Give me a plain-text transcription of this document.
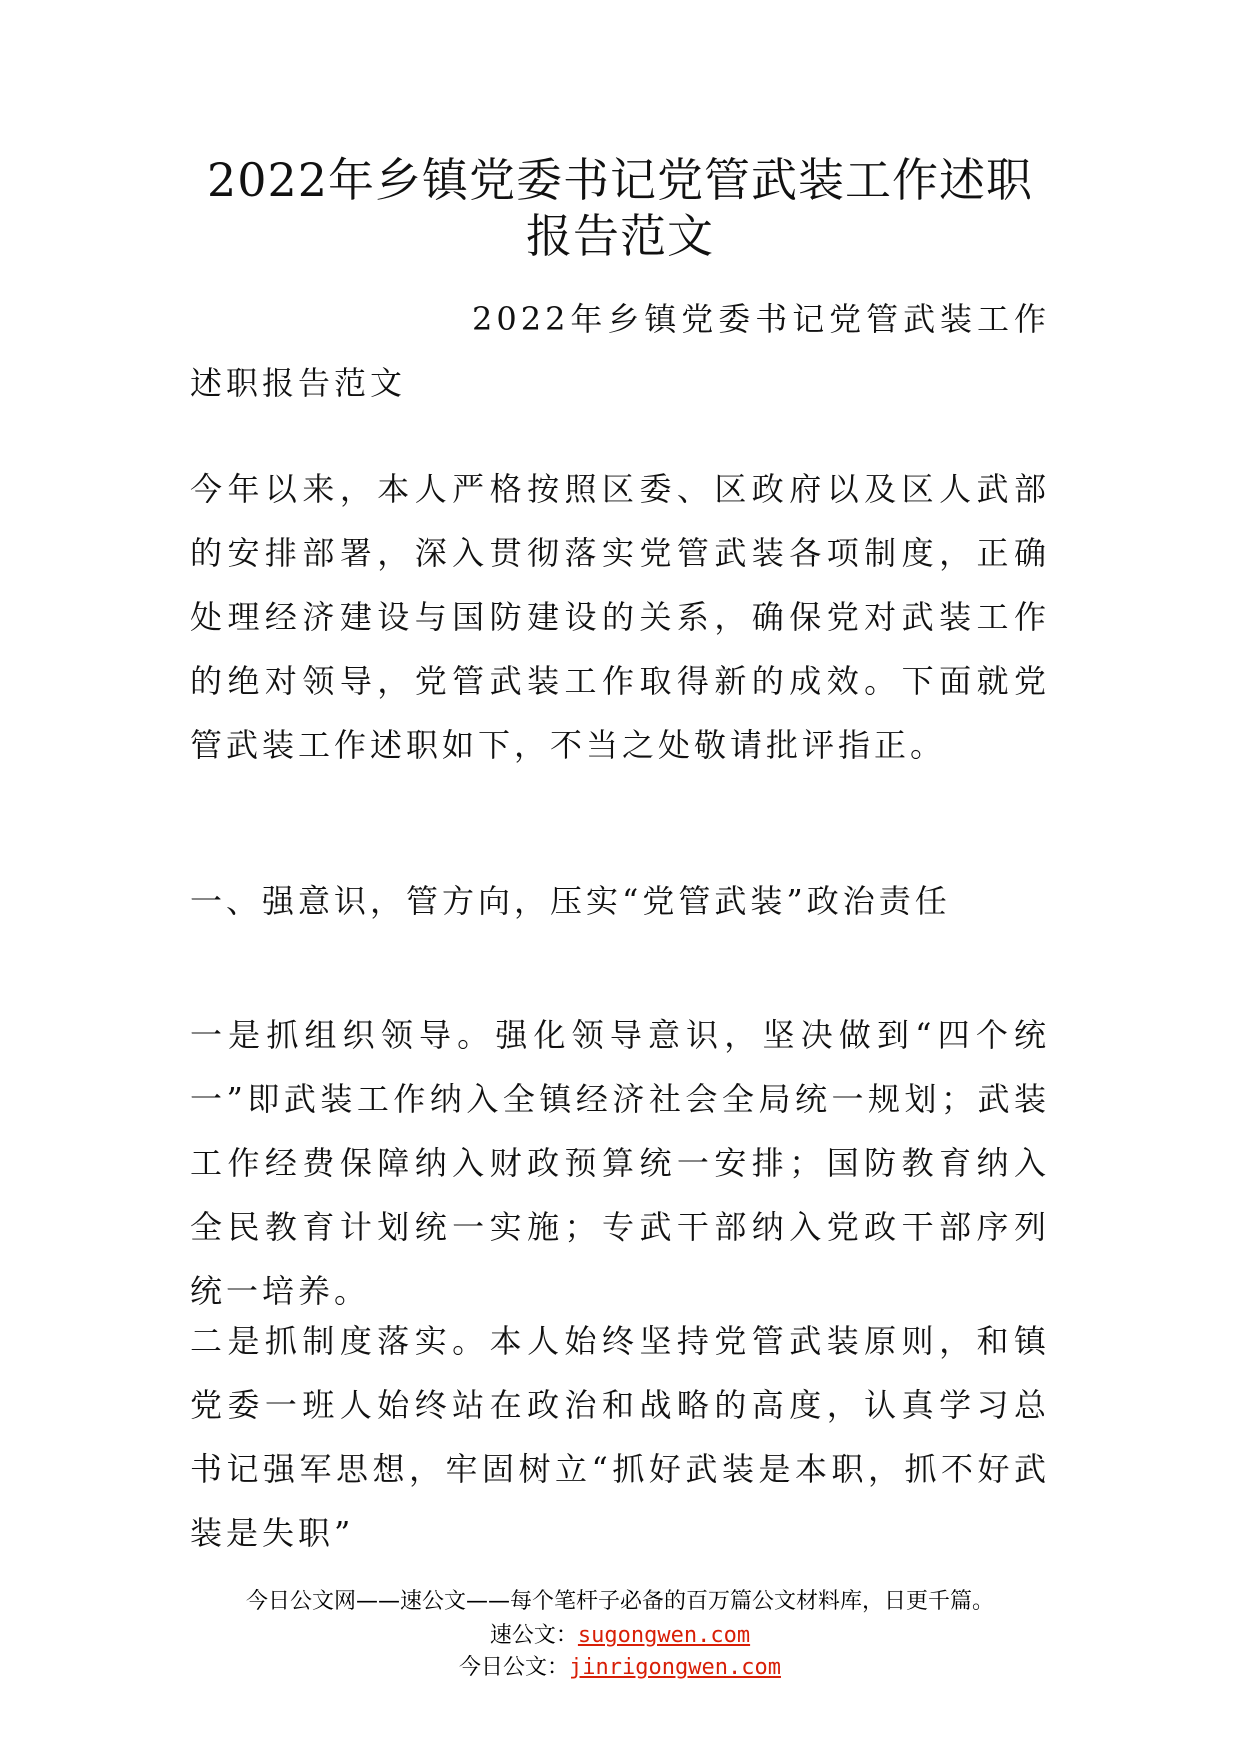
2022年乡镇党委书记党管武装工作述职报告范文
2022年乡镇党委书记党管武装工作述职报告范文
今年以来，本人严格按照区委、区政府以及区人武部的安排部署，深入贯彻落实党管武装各项制度，正确处理经济建设与国防建设的关系，确保党对武装工作的绝对领导，党管武装工作取得新的成效。下面就党管武装工作述职如下，不当之处敬请批评指正。
一、强意识，管方向，压实“党管武装”政治责任
一是抓组织领导。强化领导意识，坚决做到“四个统一”即武装工作纳入全镇经济社会全局统一规划；武装工作经费保障纳入财政预算统一安排；国防教育纳入全民教育计划统一实施；专武干部纳入党政干部序列统一培养。
二是抓制度落实。本人始终坚持党管武装原则，和镇党委一班人始终站在政治和战略的高度，认真学习总书记强军思想，牢固树立“抓好武装是本职，抓不好武装是失职”
今日公文网——速公文——每个笔杆子必备的百万篇公文材料库，日更千篇。
速公文：sugongwen.com
今日公文：jinrigongwen.com
